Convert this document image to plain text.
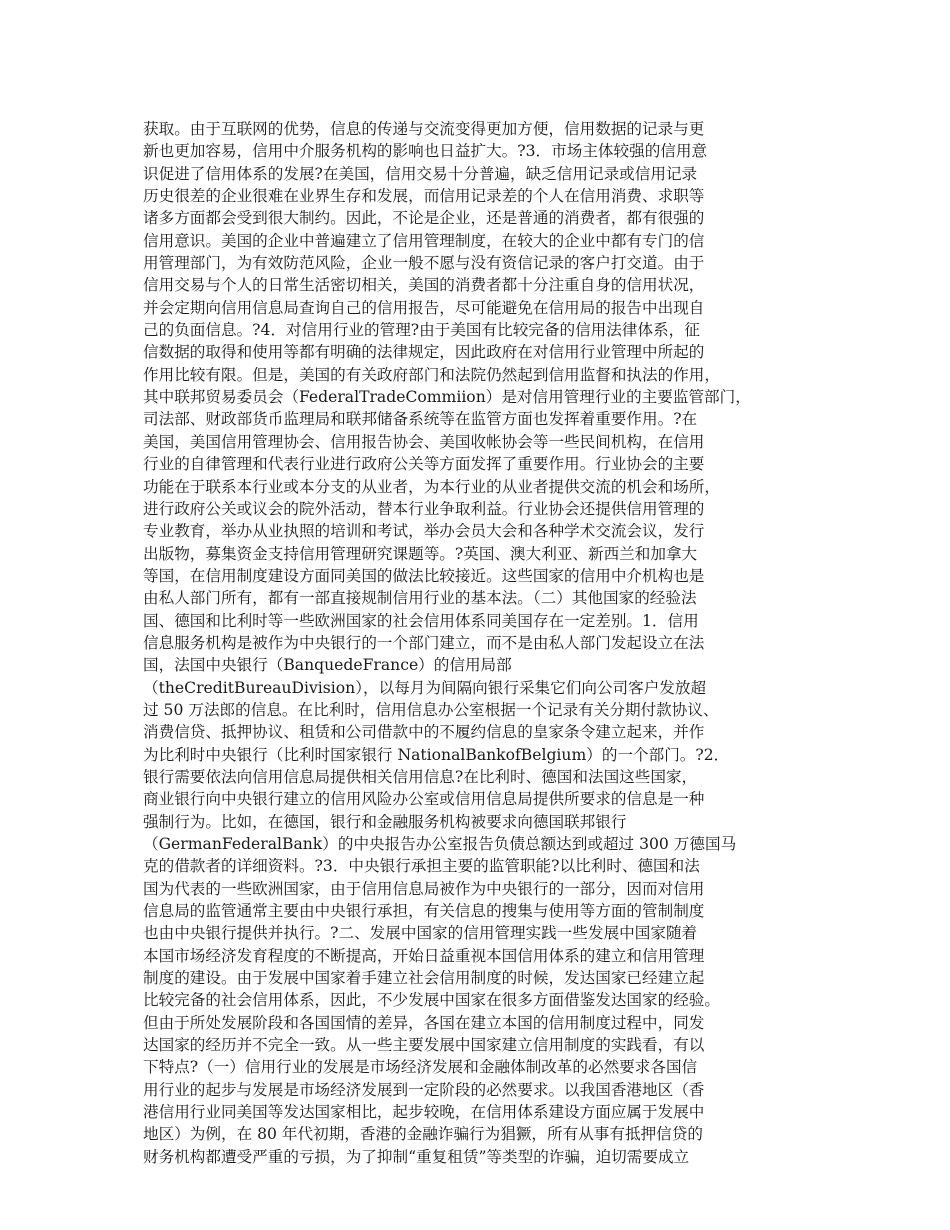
获取。由于互联网的优势，信息的传递与交流变得更加方便，信用数据的记录与更
新也更加容易，信用中介服务机构的影响也日益扩大。?3．市场主体较强的信用意
识促进了信用体系的发展?在美国，信用交易十分普遍，缺乏信用记录或信用记录
历史很差的企业很难在业界生存和发展，而信用记录差的个人在信用消费、求职等
诸多方面都会受到很大制约。因此，不论是企业，还是普通的消费者，都有很强的
信用意识。美国的企业中普遍建立了信用管理制度，在较大的企业中都有专门的信
用管理部门，为有效防范风险，企业一般不愿与没有资信记录的客户打交道。由于
信用交易与个人的日常生活密切相关，美国的消费者都十分注重自身的信用状况，
并会定期向信用信息局查询自己的信用报告，尽可能避免在信用局的报告中出现自
己的负面信息。?4．对信用行业的管理?由于美国有比较完备的信用法律体系，征
信数据的取得和使用等都有明确的法律规定，因此政府在对信用行业管理中所起的
作用比较有限。但是，美国的有关政府部门和法院仍然起到信用监督和执法的作用，
其中联邦贸易委员会（FederalTradeCommiion）是对信用管理行业的主要监管部门，
司法部、财政部货币监理局和联邦储备系统等在监管方面也发挥着重要作用。?在
美国，美国信用管理协会、信用报告协会、美国收帐协会等一些民间机构，在信用
行业的自律管理和代表行业进行政府公关等方面发挥了重要作用。行业协会的主要
功能在于联系本行业或本分支的从业者，为本行业的从业者提供交流的机会和场所，
进行政府公关或议会的院外活动，替本行业争取利益。行业协会还提供信用管理的
专业教育，举办从业执照的培训和考试，举办会员大会和各种学术交流会议，发行
出版物，募集资金支持信用管理研究课题等。?英国、澳大利亚、新西兰和加拿大
等国，在信用制度建设方面同美国的做法比较接近。这些国家的信用中介机构也是
由私人部门所有，都有一部直接规制信用行业的基本法。（二）其他国家的经验法
国、德国和比利时等一些欧洲国家的社会信用体系同美国存在一定差别。1．信用
信息服务机构是被作为中央银行的一个部门建立，而不是由私人部门发起设立在法
国，法国中央银行（BanquedeFrance）的信用局部
（theCreditBureauDivision），以每月为间隔向银行采集它们向公司客户发放超
过 50 万法郎的信息。在比利时，信用信息办公室根据一个记录有关分期付款协议、
消费信贷、抵押协议、租赁和公司借款中的不履约信息的皇家条令建立起来，并作
为比利时中央银行（比利时国家银行 NationalBankofBelgium）的一个部门。?2．
银行需要依法向信用信息局提供相关信用信息?在比利时、德国和法国这些国家，
商业银行向中央银行建立的信用风险办公室或信用信息局提供所要求的信息是一种
强制行为。比如，在德国，银行和金融服务机构被要求向德国联邦银行
（GermanFederalBank）的中央报告办公室报告负债总额达到或超过 300 万德国马
克的借款者的详细资料。?3．中央银行承担主要的监管职能?以比利时、德国和法
国为代表的一些欧洲国家，由于信用信息局被作为中央银行的一部分，因而对信用
信息局的监管通常主要由中央银行承担，有关信息的搜集与使用等方面的管制制度
也由中央银行提供并执行。?二、发展中国家的信用管理实践一些发展中国家随着
本国市场经济发育程度的不断提高，开始日益重视本国信用体系的建立和信用管理
制度的建设。由于发展中国家着手建立社会信用制度的时候，发达国家已经建立起
比较完备的社会信用体系，因此，不少发展中国家在很多方面借鉴发达国家的经验。
但由于所处发展阶段和各国国情的差异，各国在建立本国的信用制度过程中，同发
达国家的经历并不完全一致。从一些主要发展中国家建立信用制度的实践看，有以
下特点?（一）信用行业的发展是市场经济发展和金融体制改革的必然要求各国信
用行业的起步与发展是市场经济发展到一定阶段的必然要求。以我国香港地区（香
港信用行业同美国等发达国家相比，起步较晚，在信用体系建设方面应属于发展中
地区）为例，在 80 年代初期，香港的金融诈骗行为猖獗，所有从事有抵押信贷的
财务机构都遭受严重的亏损，为了抑制“重复租赁”等类型的诈骗，迫切需要成立
